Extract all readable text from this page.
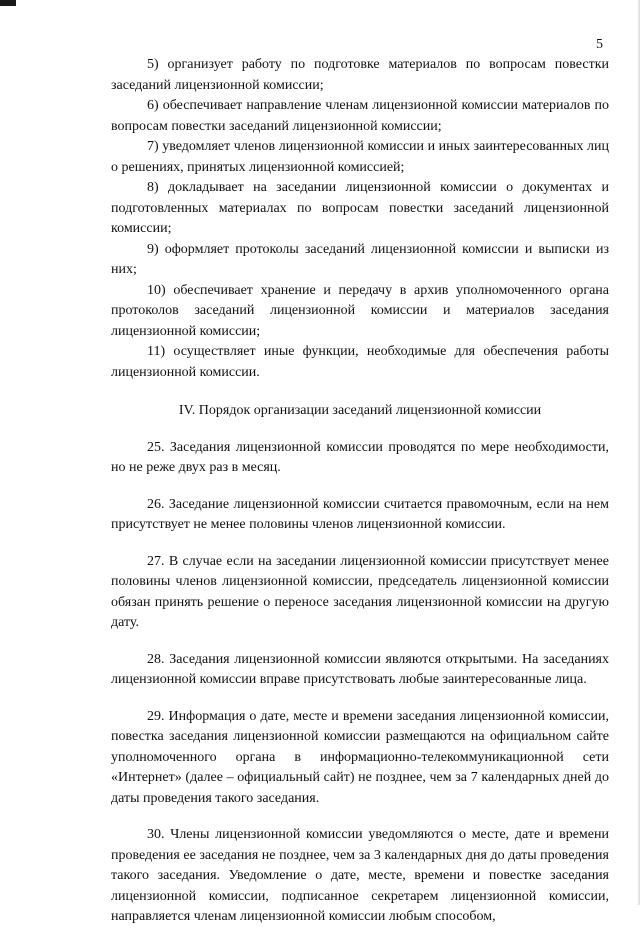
5

5) организует работу по подготовке материалов по вопросам повестки заседаний лицензионной комиссии;

6) обеспечивает направление членам лицензионной комиссии материалов по вопросам повестки заседаний лицензионной комиссии;

7) уведомляет членов лицензионной комиссии и иных заинтересованных лиц о решениях, принятых лицензионной комиссией;

8) докладывает на заседании лицензионной комиссии о документах и подготовленных материалах по вопросам повестки заседаний лицензионной комиссии;

9) оформляет протоколы заседаний лицензионной комиссии и выписки из них;

10) обеспечивает хранение и передачу в архив уполномоченного органа протоколов заседаний лицензионной комиссии и материалов заседания лицензионной комиссии;

11) осуществляет иные функции, необходимые для обеспечения работы лицензионной комиссии.

IV. Порядок организации заседаний лицензионной комиссии

25. Заседания лицензионной комиссии проводятся по мере необходимости, но не реже двух раз в месяц.

26. Заседание лицензионной комиссии считается правомочным, если на нем присутствует не менее половины членов лицензионной комиссии.

27. В случае если на заседании лицензионной комиссии присутствует менее половины членов лицензионной комиссии, председатель лицензионной комиссии обязан принять решение о переносе заседания лицензионной комиссии на другую дату.

28. Заседания лицензионной комиссии являются открытыми. На заседаниях лицензионной комиссии вправе присутствовать любые заинтересованные лица.

29. Информация о дате, месте и времени заседания лицензионной комиссии, повестка заседания лицензионной комиссии размещаются на официальном сайте уполномоченного органа в информационно-телекоммуникационной сети «Интернет» (далее – официальный сайт) не позднее, чем за 7 календарных дней до даты проведения такого заседания.

30. Члены лицензионной комиссии уведомляются о месте, дате и времени проведения ее заседания не позднее, чем за 3 календарных дня до даты проведения такого заседания. Уведомление о дате, месте, времени и повестке заседания лицензионной комиссии, подписанное секретарем лицензионной комиссии, направляется членам лицензионной комиссии любым способом,
